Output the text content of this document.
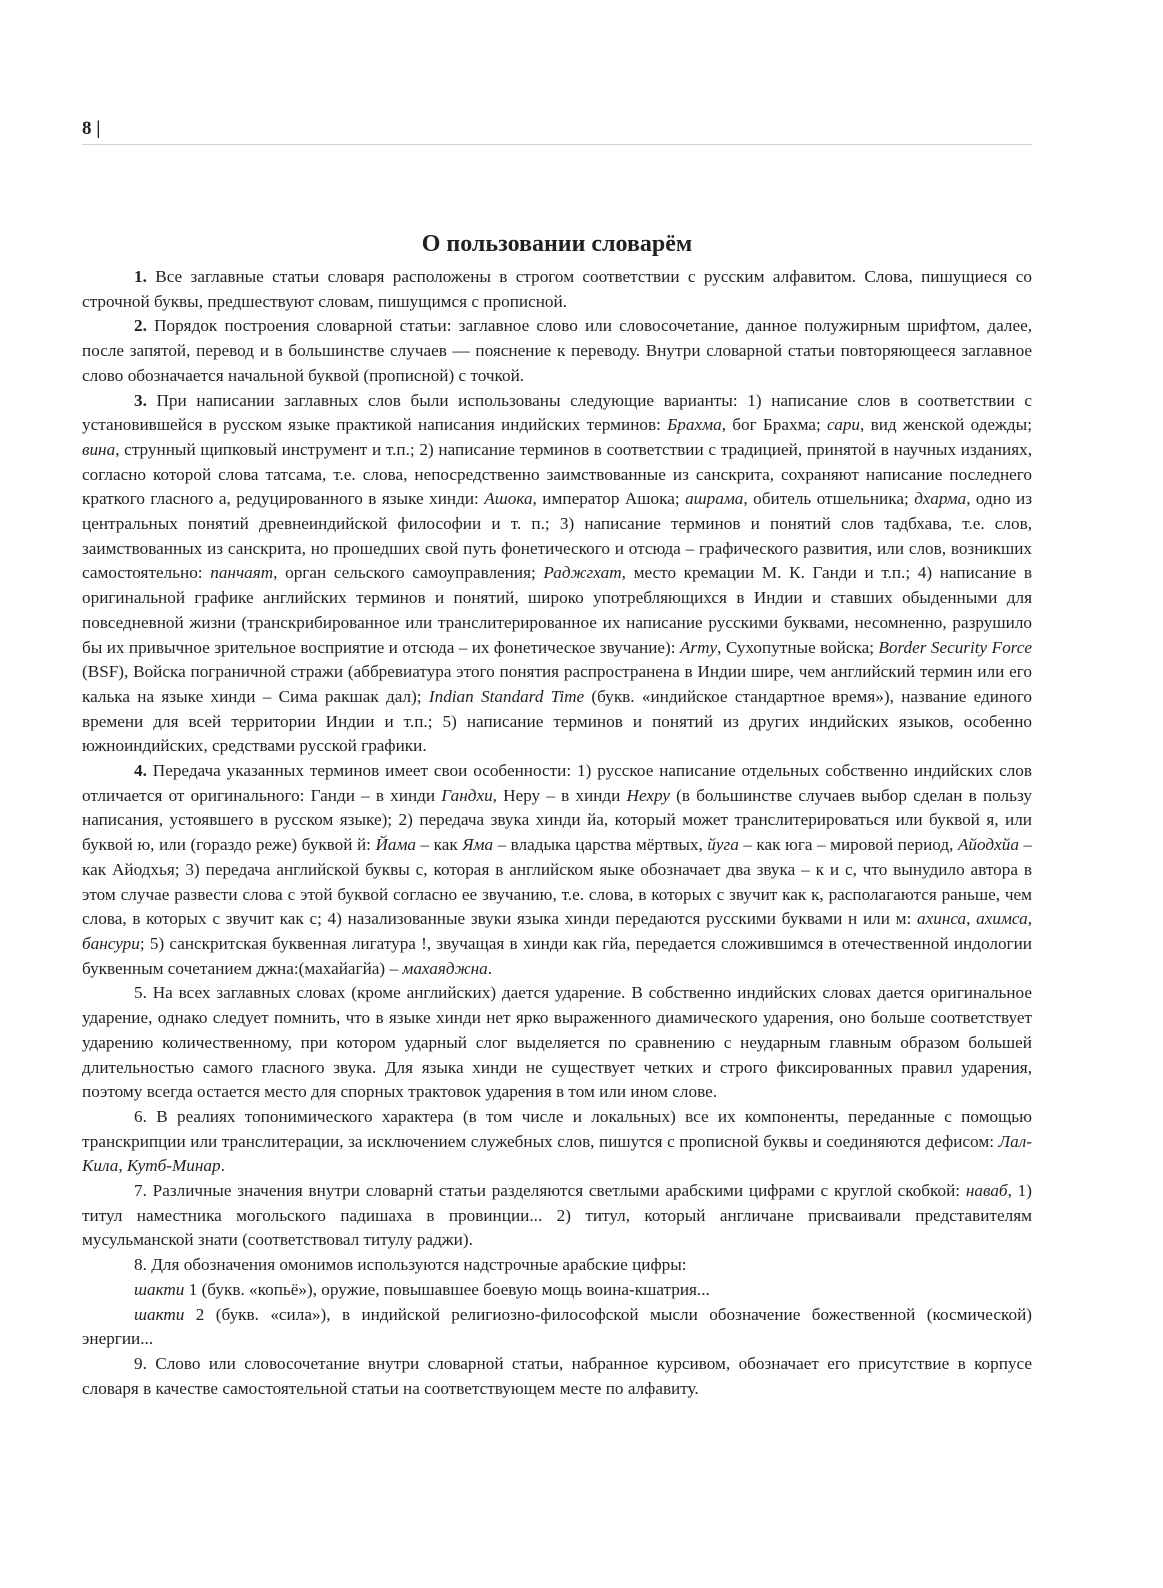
8 |
О пользовании словарём

1. Все заглавные статьи словаря расположены в строгом соответствии с русским алфавитом. Слова, пишущиеся со строчной буквы, предшествуют словам, пишущимся с прописной.

2. Порядок построения словарной статьи: заглавное слово или словосочетание, данное полужирным шрифтом, далее, после запятой, перевод и в большинстве случаев — пояснение к переводу. Внутри словарной статьи повторяющееся заглавное слово обозначается начальной буквой (прописной) с точкой.

3. При написании заглавных слов были использованы следующие варианты: 1) написание слов в соответствии с установившейся в русском языке практикой написания индийских терминов: Брахма, бог Брахма; сари, вид женской одежды; вина, струнный щипковый инструмент и т.п.; 2) написание терминов в соответствии с традицией, принятой в научных изданиях, согласно которой слова татсама, т.е. слова, непосредственно заимствованные из санскрита, сохраняют написание последнего краткого гласного а, редуцированного в языке хинди: Ашока, император Ашока; ашрама, обитель отшельника; дхарма, одно из центральных понятий древнеиндийской философии и т. п.; 3) написание терминов и понятий слов тадбхава, т.е. слов, заимствованных из санскрита, но прошедших свой путь фонетического и отсюда – графического развития, или слов, возникших самостоятельно: панчаят, орган сельского самоуправления; Раджгхат, место кремации М. К. Ганди и т.п.; 4) написание в оригинальной графике английских терминов и понятий, широко употребляющихся в Индии и ставших обыденными для повседневной жизни (транскрибированное или транслитерированное их написание русскими буквами, несомненно, разрушило бы их привычное зрительное восприятие и отсюда – их фонетическое звучание): Army, Сухопутные войска; Border Security Force (BSF), Войска пограничной стражи (аббревиатура этого понятия распространена в Индии шире, чем английский термин или его калька на языке хинди – Сима ракшак дал); Indian Standard Time (букв. «индийское стандартное время»), название единого времени для всей территории Индии и т.п.; 5) написание терминов и понятий из других индийских языков, особенно южноиндийских, средствами русской графики.

4. Передача указанных терминов имеет свои особенности: 1) русское написание отдельных собственно индийских слов отличается от оригинального: Ганди – в хинди Гандхи, Неру – в хинди Нехру (в большинстве случаев выбор сделан в пользу написания, устоявшего в русском языке); 2) передача звука хинди йа, который может транслитерироваться или буквой я, или буквой ю, или (гораздо реже) буквой й: Йама – как Яма – владыка царства мёртвых, йуга – как юга – мировой период, Айодхйа – как Айодхья; 3) передача английской буквы с, которая в английском яыке обозначает два звука – к и с, что вынудило автора в этом случае развести слова с этой буквой согласно ее звучанию, т.е. слова, в которых с звучит как к, располагаются раньше, чем слова, в которых с звучит как с; 4) назализованные звуки языка хинди передаются русскими буквами н или м: ахинса, ахимса, бансури; 5) санскритская буквенная лигатура !, звучащая в хинди как гйа, передается сложившимся в отечественной индологии буквенным сочетанием джна:(махайагйа) – махаяджна.

5. На всех заглавных словах (кроме английских) дается ударение. В собственно индийских словах дается оригинальное ударение, однако следует помнить, что в языке хинди нет ярко выраженного диамического ударения, оно больше соответствует ударению количественному, при котором ударный слог выделяется по сравнению с неударным главным образом большей длительностью самого гласного звука. Для языка хинди не существует четких и строго фиксированных правил ударения, поэтому всегда остается место для спорных трактовок ударения в том или ином слове.

6. В реалиях топонимического характера (в том числе и локальных) все их компоненты, переданные с помощью транскрипции или транслитерации, за исключением служебных слов, пишутся с прописной буквы и соединяются дефисом: Лал-Кила, Кутб-Минар.

7. Различные значения внутри словарнй статьи разделяются светлыми арабскими цифрами с круглой скобкой: наваб, 1) титул наместника могольского падишаха в провинции... 2) титул, который англичане присваивали представителям мусульманской знати (соответствовал титулу раджи).

8. Для обозначения омонимов используются надстрочные арабские цифры:

шакти 1 (букв. «копьё»), оружие, повышавшее боевую мощь воина-кшатрия...

шакти 2 (букв. «сила»), в индийской религиозно-философской мысли обозначение божественной (космической) энергии...

9. Слово или словосочетание внутри словарной статьи, набранное курсивом, обозначает его присутствие в корпусе словаря в качестве самостоятельной статьи на соответствующем месте по алфавиту.
